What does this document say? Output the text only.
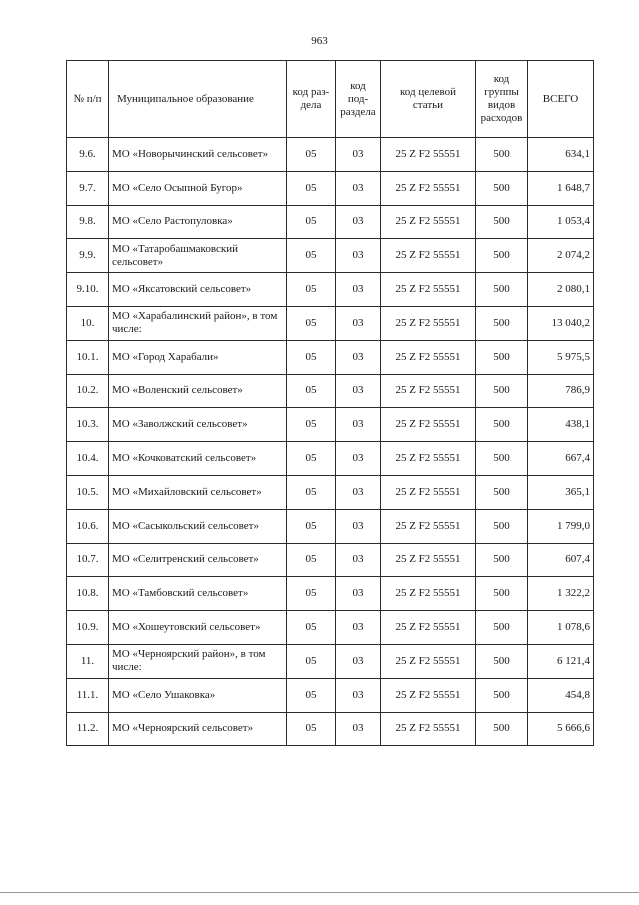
963
№ п/п	Муниципальное образование	код раз- дела	код под- раздела	код целевой статьи	код группы видов расходов	ВСЕГО
9.6.	МО «Новорычинский сельсовет»	05	03	25 Z F2 55551	500	634,1
9.7.	МО «Село Осыпной Бугор»	05	03	25 Z F2 55551	500	1 648,7
9.8.	МО «Село Растопуловка»	05	03	25 Z F2 55551	500	1 053,4
9.9.	МО «Татаробашмаковский сельсовет»	05	03	25 Z F2 55551	500	2 074,2
9.10.	МО «Яксатовский сельсовет»	05	03	25 Z F2 55551	500	2 080,1
10.	МО «Харабалинский район», в том числе:	05	03	25 Z F2 55551	500	13 040,2
10.1.	МО «Город Харабали»	05	03	25 Z F2 55551	500	5 975,5
10.2.	МО «Воленский сельсовет»	05	03	25 Z F2 55551	500	786,9
10.3.	МО «Заволжский сельсовет»	05	03	25 Z F2 55551	500	438,1
10.4.	МО «Кочковатский сельсовет»	05	03	25 Z F2 55551	500	667,4
10.5.	МО «Михайловский сельсовет»	05	03	25 Z F2 55551	500	365,1
10.6.	МО «Сасыкольский сельсовет»	05	03	25 Z F2 55551	500	1 799,0
10.7.	МО «Селитренский сельсовет»	05	03	25 Z F2 55551	500	607,4
10.8.	МО «Тамбовский сельсовет»	05	03	25 Z F2 55551	500	1 322,2
10.9.	МО «Хошеутовский сельсовет»	05	03	25 Z F2 55551	500	1 078,6
11.	МО «Черноярский район», в том числе:	05	03	25 Z F2 55551	500	6 121,4
11.1.	МО «Село Ушаковка»	05	03	25 Z F2 55551	500	454,8
11.2.	МО «Черноярский сельсовет»	05	03	25 Z F2 55551	500	5 666,6
